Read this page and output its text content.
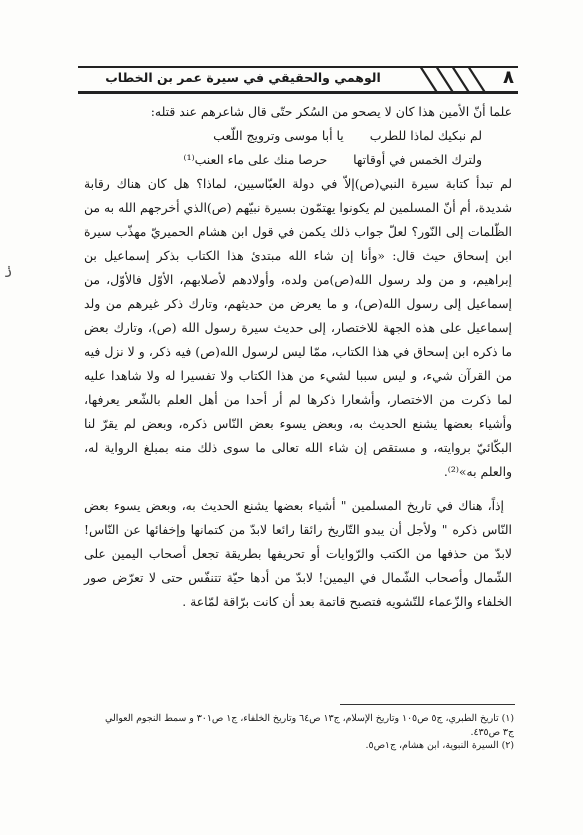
الوهمي والحقيقي في سيرة عمر بن الخطاب	٨
ݫ

علما أنّ الأمين هذا كان لا يصحو من السُكر حتّى قال شاعرهم عند قتله:

لم نبكيك لماذا للطرب
يا أبا موسى وترويج اللّعب
ولترك الخمس في أوقاتها
حرصا منك على ماء العنب⁽¹⁾

لم تبدأ كتابة سيرة النبي(ص)إلاّ في دولة العبّاسيين، لماذا؟ هل كان هناك رقابة شديدة، أم أنّ المسلمين لم يكونوا يهتمّون بسيرة نبيّهم (ص)الذي أخرجهم الله به من الظّلمات إلى النّور؟ لعلّ جواب ذلك يكمن في قول ابن هشام الحميريّ مهذّب سيرة ابن إسحاق حيث قال: «وأنا إن شاء الله مبتدئ هذا الكتاب بذكر إسماعيل بن إبراهيم، و من ولد رسول الله(ص)من ولده، وأولادهم لأصلابهم، الأوّل فالأوّل، من إسماعيل إلى رسول الله(ص)، و ما يعرض من حديثهم، وتارك ذكر غيرهم من ولد إسماعيل على هذه الجهة للاختصار، إلى حديث سيرة رسول الله (ص)، وتارك بعض ما ذكره ابن إسحاق في هذا الكتاب، ممّا ليس لرسول الله(ص) فيه ذكر، و لا نزل فيه من القرآن شيء، و ليس سببا لشيء من هذا الكتاب ولا تفسيرا له ولا شاهدا عليه لما ذكرت من الاختصار، وأشعارا ذكرها لم أر أحدا من أهل العلم بالشّعر يعرفها، وأشياء بعضها يشنع الحديث به، وبعض يسوء بعض النّاس ذكره، وبعض لم يقرّ لنا البكّائيّ بروايته، و مستقص إن شاء الله تعالى ما سوى ذلك منه بمبلغ الرواية له، والعلم به»⁽²⁾.

إذاً، هناك في تاريخ المسلمين " أشياء بعضها يشنع الحديث به، وبعض يسوء بعض النّاس ذكره " ولأجل أن يبدو التّاريخ رائقا رائعا لابدّ من كتمانها وإخفائها عن النّاس! لابدّ من حذفها من الكتب والرّوايات أو تحريفها بطريقة تجعل أصحاب اليمين على الشّمال وأصحاب الشّمال في اليمين! لابدّ من أدها حيّة تتنفّس حتى لا تعرّض صور الخلفاء والزّعماء للتّشويه فتصبح قاتمة بعد أن كانت برّاقة لمّاعة .

(١) تاريخ الطبري، ج٥ ص١٠٥ وتاريخ الإسلام، ج١٣ ص٦٤ وتاريخ الخلفاء، ج١ ص٣٠١ و سمط النجوم العوالي
ج٣ ص٤٣٥.
(٢) السيرة النبوية، ابن هشام، ج١ص٥.
